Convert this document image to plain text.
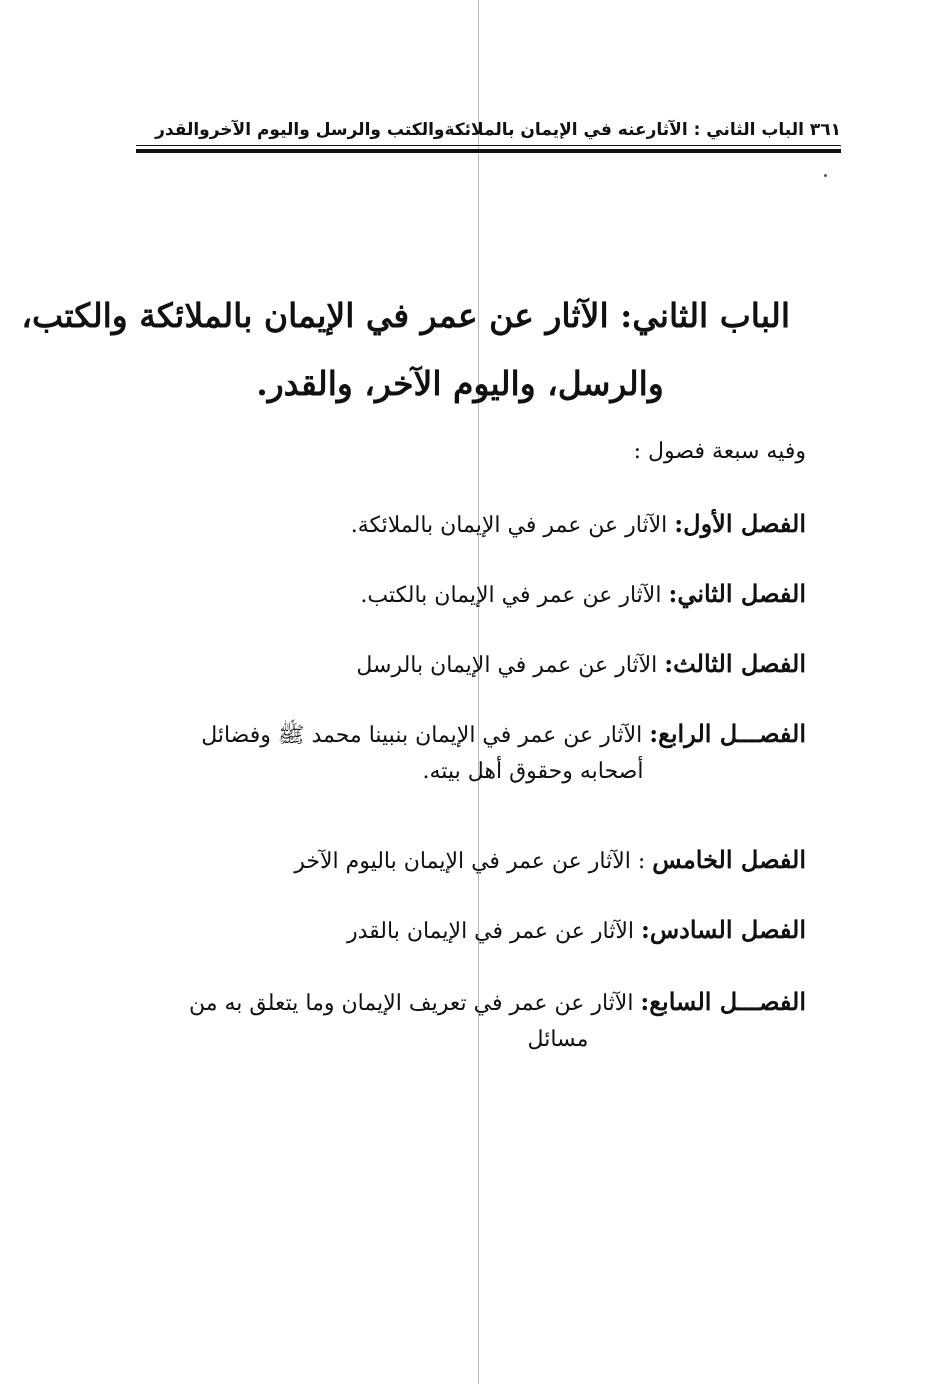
٣٦١ الباب الثاني : الآثارعنه في الإيمان بالملائكةوالكتب والرسل واليوم الآخروالقدر
الباب الثاني: الآثار عن عمر في الإيمان بالملائكة والكتب،
والرسل، واليوم الآخر، والقدر.
وفيه سبعة فصول :
الفصل الأول: الآثار عن عمر في الإيمان بالملائكة.
الفصل الثاني: الآثار عن عمر في الإيمان بالكتب.
الفصل الثالث: الآثار عن عمر في الإيمان بالرسل
الفصـــل الرابع: الآثار عن عمر في الإيمان بنبينا محمد ﷺ وفضائل
أصحابه وحقوق أهل بيته.
الفصل الخامس : الآثار عن عمر في الإيمان باليوم الآخر
الفصل السادس: الآثار عن عمر في الإيمان بالقدر
الفصـــل السابع: الآثار عن عمر في تعريف الإيمان وما يتعلق به من
مسائل
